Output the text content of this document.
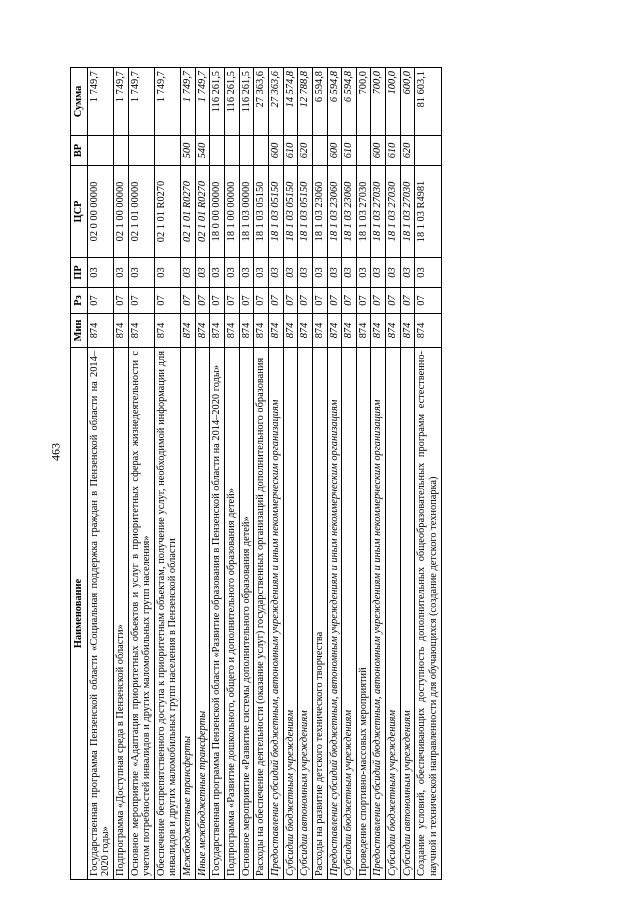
463
Наименование	Мин	Рз	ПР	ЦСР	ВР	Сумма
Государственная программа Пензенской области «Социальная поддержка граждан в Пензенской области на 2014–2020 годы»	874	07	03	02 0 00 00000		1 749,7
Подпрограмма «Доступная среда в Пензенской области»	874	07	03	02 1 00 00000		1 749,7
Основное мероприятие «Адаптация приоритетных объектов и услуг в приоритетных сферах жизнедеятельности с учетом потребностей инвалидов и других маломобильных групп населения»	874	07	03	02 1 01 00000		1 749,7
Обеспечение беспрепятственного доступа к приоритетным объектам, получение услуг, необходимой информации для инвалидов и других маломобильных групп населения в Пензенской области	874	07	03	02 1 01 R0270		1 749,7
Межбюджетные трансферты	874	07	03	02 1 01 R0270	500	1 749,7
Иные межбюджетные трансферты	874	07	03	02 1 01 R0270	540	1 749,7
Государственная программа Пензенской области «Развитие образования в Пензенской области на 2014–2020 годы»	874	07	03	18 0 00 00000		116 261,5
Подпрограмма «Развитие дошкольного, общего и дополнительного образования детей»	874	07	03	18 1 00 00000		116 261,5
Основное мероприятие «Развитие системы дополнительного образования детей»	874	07	03	18 1 03 00000		116 261,5
Расходы на обеспечение деятельности (оказание услуг) государственных организаций дополнительного образования	874	07	03	18 1 03 05150		27 363,6
Предоставление субсидий бюджетным, автономным учреждениям и иным некоммерческим организациям	874	07	03	18 1 03 05150	600	27 363,6
Субсидии бюджетным учреждениям	874	07	03	18 1 03 05150	610	14 574,8
Субсидии автономным учреждениям	874	07	03	18 1 03 05150	620	12 788,8
Расходы на развитие детского технического творчества	874	07	03	18 1 03 23060		6 594,8
Предоставление субсидий бюджетным, автономным учреждениям и иным некоммерческим организациям	874	07	03	18 1 03 23060	600	6 594,8
Субсидии бюджетным учреждениям	874	07	03	18 1 03 23060	610	6 594,8
Проведение спортивно-массовых мероприятий	874	07	03	18 1 03 27030		700,0
Предоставление субсидий бюджетным, автономным учреждениям и иным некоммерческим организациям	874	07	03	18 1 03 27030	600	700,0
Субсидии бюджетным учреждениям	874	07	03	18 1 03 27030	610	100,0
Субсидии автономным учреждениям	874	07	03	18 1 03 27030	620	600,0
Создание условий, обеспечивающих доступность дополнительных общеобразовательных программ естественно-научной и технической направленности для обучающихся (создание детского технопарка)	874	07	03	18 1 03 R4981		81 603,1
